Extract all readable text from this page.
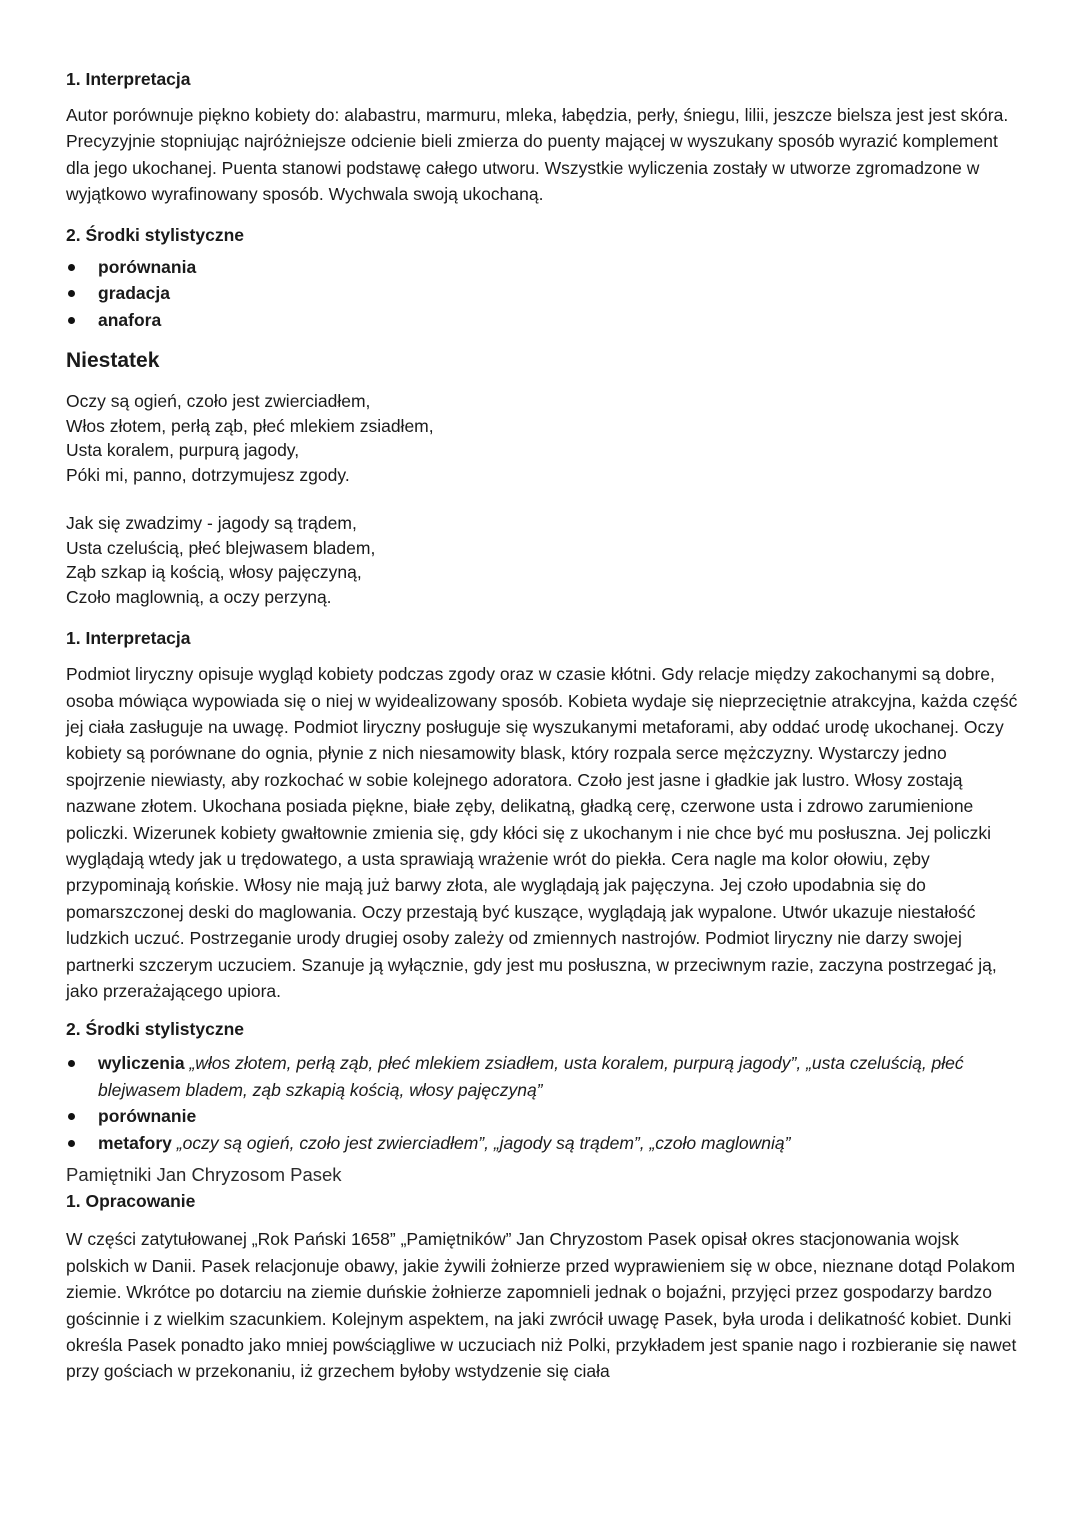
1. Interpretacja

Autor porównuje piękno kobiety do: alabastru, marmuru, mleka, łabędzia, perły, śniegu, lilii, jeszcze bielsza jest jest skóra. Precyzyjnie stopniując najróżniejsze odcienie bieli zmierza do puenty mającej w wyszukany sposób wyrazić komplement dla jego ukochanej. Puenta stanowi podstawę całego utworu. Wszystkie wyliczenia zostały w utworze zgromadzone w wyjątkowo wyrafinowany sposób. Wychwala swoją ukochaną.

2. Środki stylistyczne

porównania
gradacja
anafora

Niestatek

Oczy są ogień, czoło jest zwierciadłem,

Włos złotem, perłą ząb, płeć mlekiem zsiadłem,

Usta koralem, purpurą jagody,

Póki mi, panno, dotrzymujesz zgody.

Jak się zwadzimy - jagody są trądem,

Usta czeluścią, płeć blejwasem bladem,

Ząb szkap ią kością, włosy pajęczyną,

Czoło maglownią, a oczy perzyną.

1. Interpretacja

Podmiot liryczny opisuje wygląd kobiety podczas zgody oraz w czasie kłótni. Gdy relacje między zakochanymi są dobre, osoba mówiąca wypowiada się o niej w wyidealizowany sposób. Kobieta wydaje się nieprzeciętnie atrakcyjna, każda część jej ciała zasługuje na uwagę. Podmiot liryczny posługuje się wyszukanymi metaforami, aby oddać urodę ukochanej. Oczy kobiety są porównane do ognia, płynie z nich niesamowity blask, który rozpala serce mężczyzny. Wystarczy jedno spojrzenie niewiasty, aby rozkochać w sobie kolejnego adoratora. Czoło jest jasne i gładkie jak lustro. Włosy zostają nazwane złotem. Ukochana posiada piękne, białe zęby, delikatną, gładką cerę, czerwone usta i zdrowo zarumienione policzki. Wizerunek kobiety gwałtownie zmienia się, gdy kłóci się z ukochanym i nie chce być mu posłuszna. Jej policzki wyglądają wtedy jak u trędowatego, a usta sprawiają wrażenie wrót do piekła. Cera nagle ma kolor ołowiu, zęby przypominają końskie. Włosy nie mają już barwy złota, ale wyglądają jak pajęczyna. Jej czoło upodabnia się do pomarszczonej deski do maglowania. Oczy przestają być kuszące, wyglądają jak wypalone. Utwór ukazuje niestałość ludzkich uczuć. Postrzeganie urody drugiej osoby zależy od zmiennych nastrojów. Podmiot liryczny nie darzy swojej partnerki szczerym uczuciem. Szanuje ją wyłącznie, gdy jest mu posłuszna, w przeciwnym razie, zaczyna postrzegać ją, jako przerażającego upiora.

2. Środki stylistyczne

wyliczenia „włos złotem, perłą ząb, płeć mlekiem zsiadłem, usta koralem, purpurą jagody”, „usta czeluścią, płeć blejwasem bladem, ząb szkapią kością, włosy pajęczyną”
porównanie
metafory „oczy są ogień, czoło jest zwierciadłem”, „jagody są trądem”, „czoło maglownią”

Pamiętniki Jan Chryzosom Pasek

1. Opracowanie

W części zatytułowanej „Rok Pański 1658” „Pamiętników” Jan Chryzostom Pasek opisał okres stacjonowania wojsk polskich w Danii. Pasek relacjonuje obawy, jakie żywili żołnierze przed wyprawieniem się w obce, nieznane dotąd Polakom ziemie. Wkrótce po dotarciu na ziemie duńskie żołnierze zapomnieli jednak o bojaźni, przyjęci przez gospodarzy bardzo gościnnie i z wielkim szacunkiem. Kolejnym aspektem, na jaki zwrócił uwagę Pasek, była uroda i delikatność kobiet. Dunki określa Pasek ponadto jako mniej powściągliwe w uczuciach niż Polki, przykładem jest spanie nago i rozbieranie się nawet przy gościach w przekonaniu, iż grzechem byłoby wstydzenie się ciała
